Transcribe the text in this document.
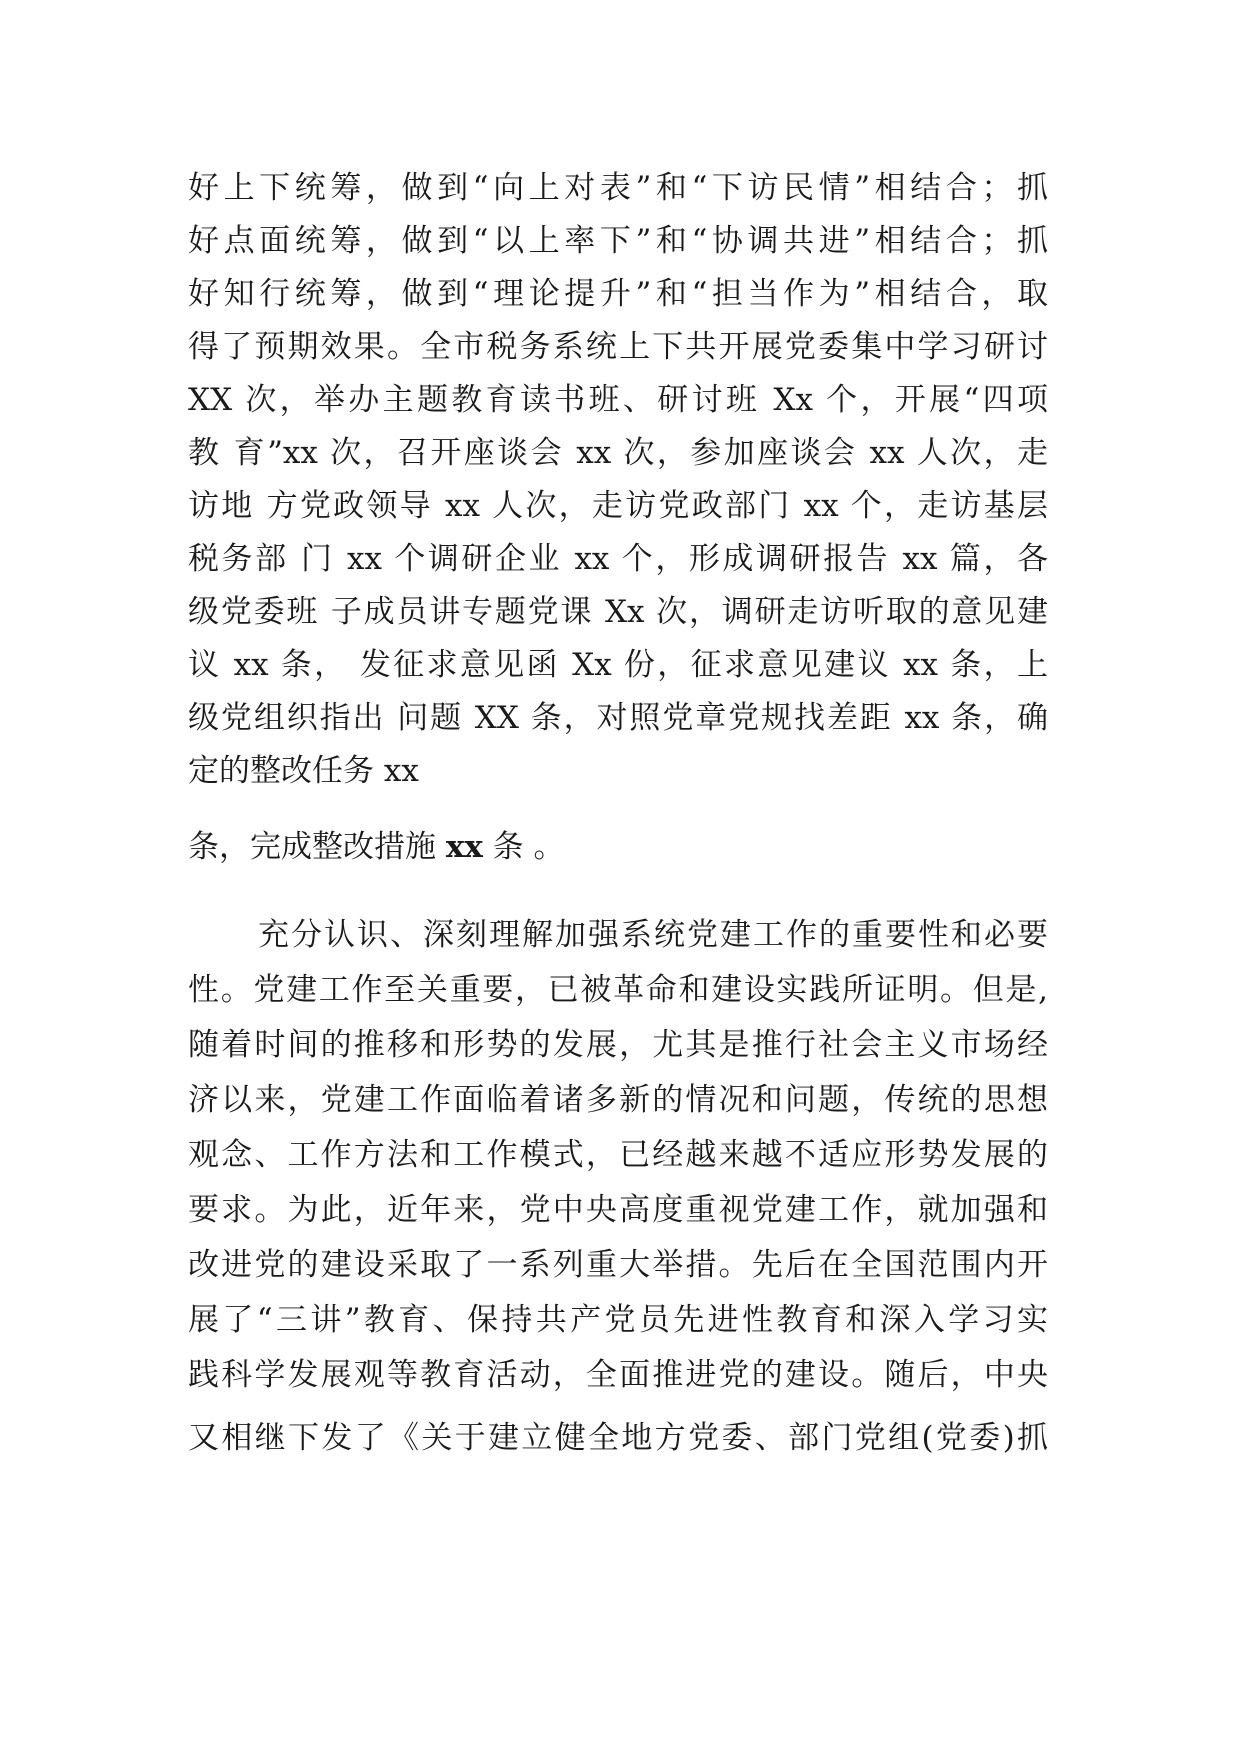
好上下统筹，做到“向上对表”和“下访民情”相结合；抓
好点面统筹，做到“以上率下”和“协调共进”相结合；抓
好知行统筹，做到“理论提升”和“担当作为”相结合，取
得了预期效果。全市税务系统上下共开展党委集中学习研讨
XX 次，举办主题教育读书班、研讨班 Xx 个，开展“四项
教 育”xx 次，召开座谈会 xx 次，参加座谈会 xx 人次，走
访地 方党政领导 xx 人次，走访党政部门 xx 个，走访基层
税务部 门 xx 个调研企业 xx 个，形成调研报告 xx 篇，各
级党委班 子成员讲专题党课 Xx 次，调研走访听取的意见建
议 xx 条， 发征求意见函 Xx 份，征求意见建议 xx 条，上
级党组织指出 问题 XX 条，对照党章党规找差距 xx 条，确
定的整改任务 xx
条，完成整改措施 xx 条 。
充分认识、深刻理解加强系统党建工作的重要性和必要
性。党建工作至关重要，已被革命和建设实践所证明。但是,
随着时间的推移和形势的发展，尤其是推行社会主义市场经
济以来，党建工作面临着诸多新的情况和问题，传统的思想
观念、工作方法和工作模式，已经越来越不适应形势发展的
要求。为此，近年来，党中央高度重视党建工作，就加强和
改进党的建设采取了一系列重大举措。先后在全国范围内开
展了“三讲”教育、保持共产党员先进性教育和深入学习实
践科学发展观等教育活动，全面推进党的建设。随后，中央
又相继下发了《关于建立健全地方党委、部门党组(党委)抓
